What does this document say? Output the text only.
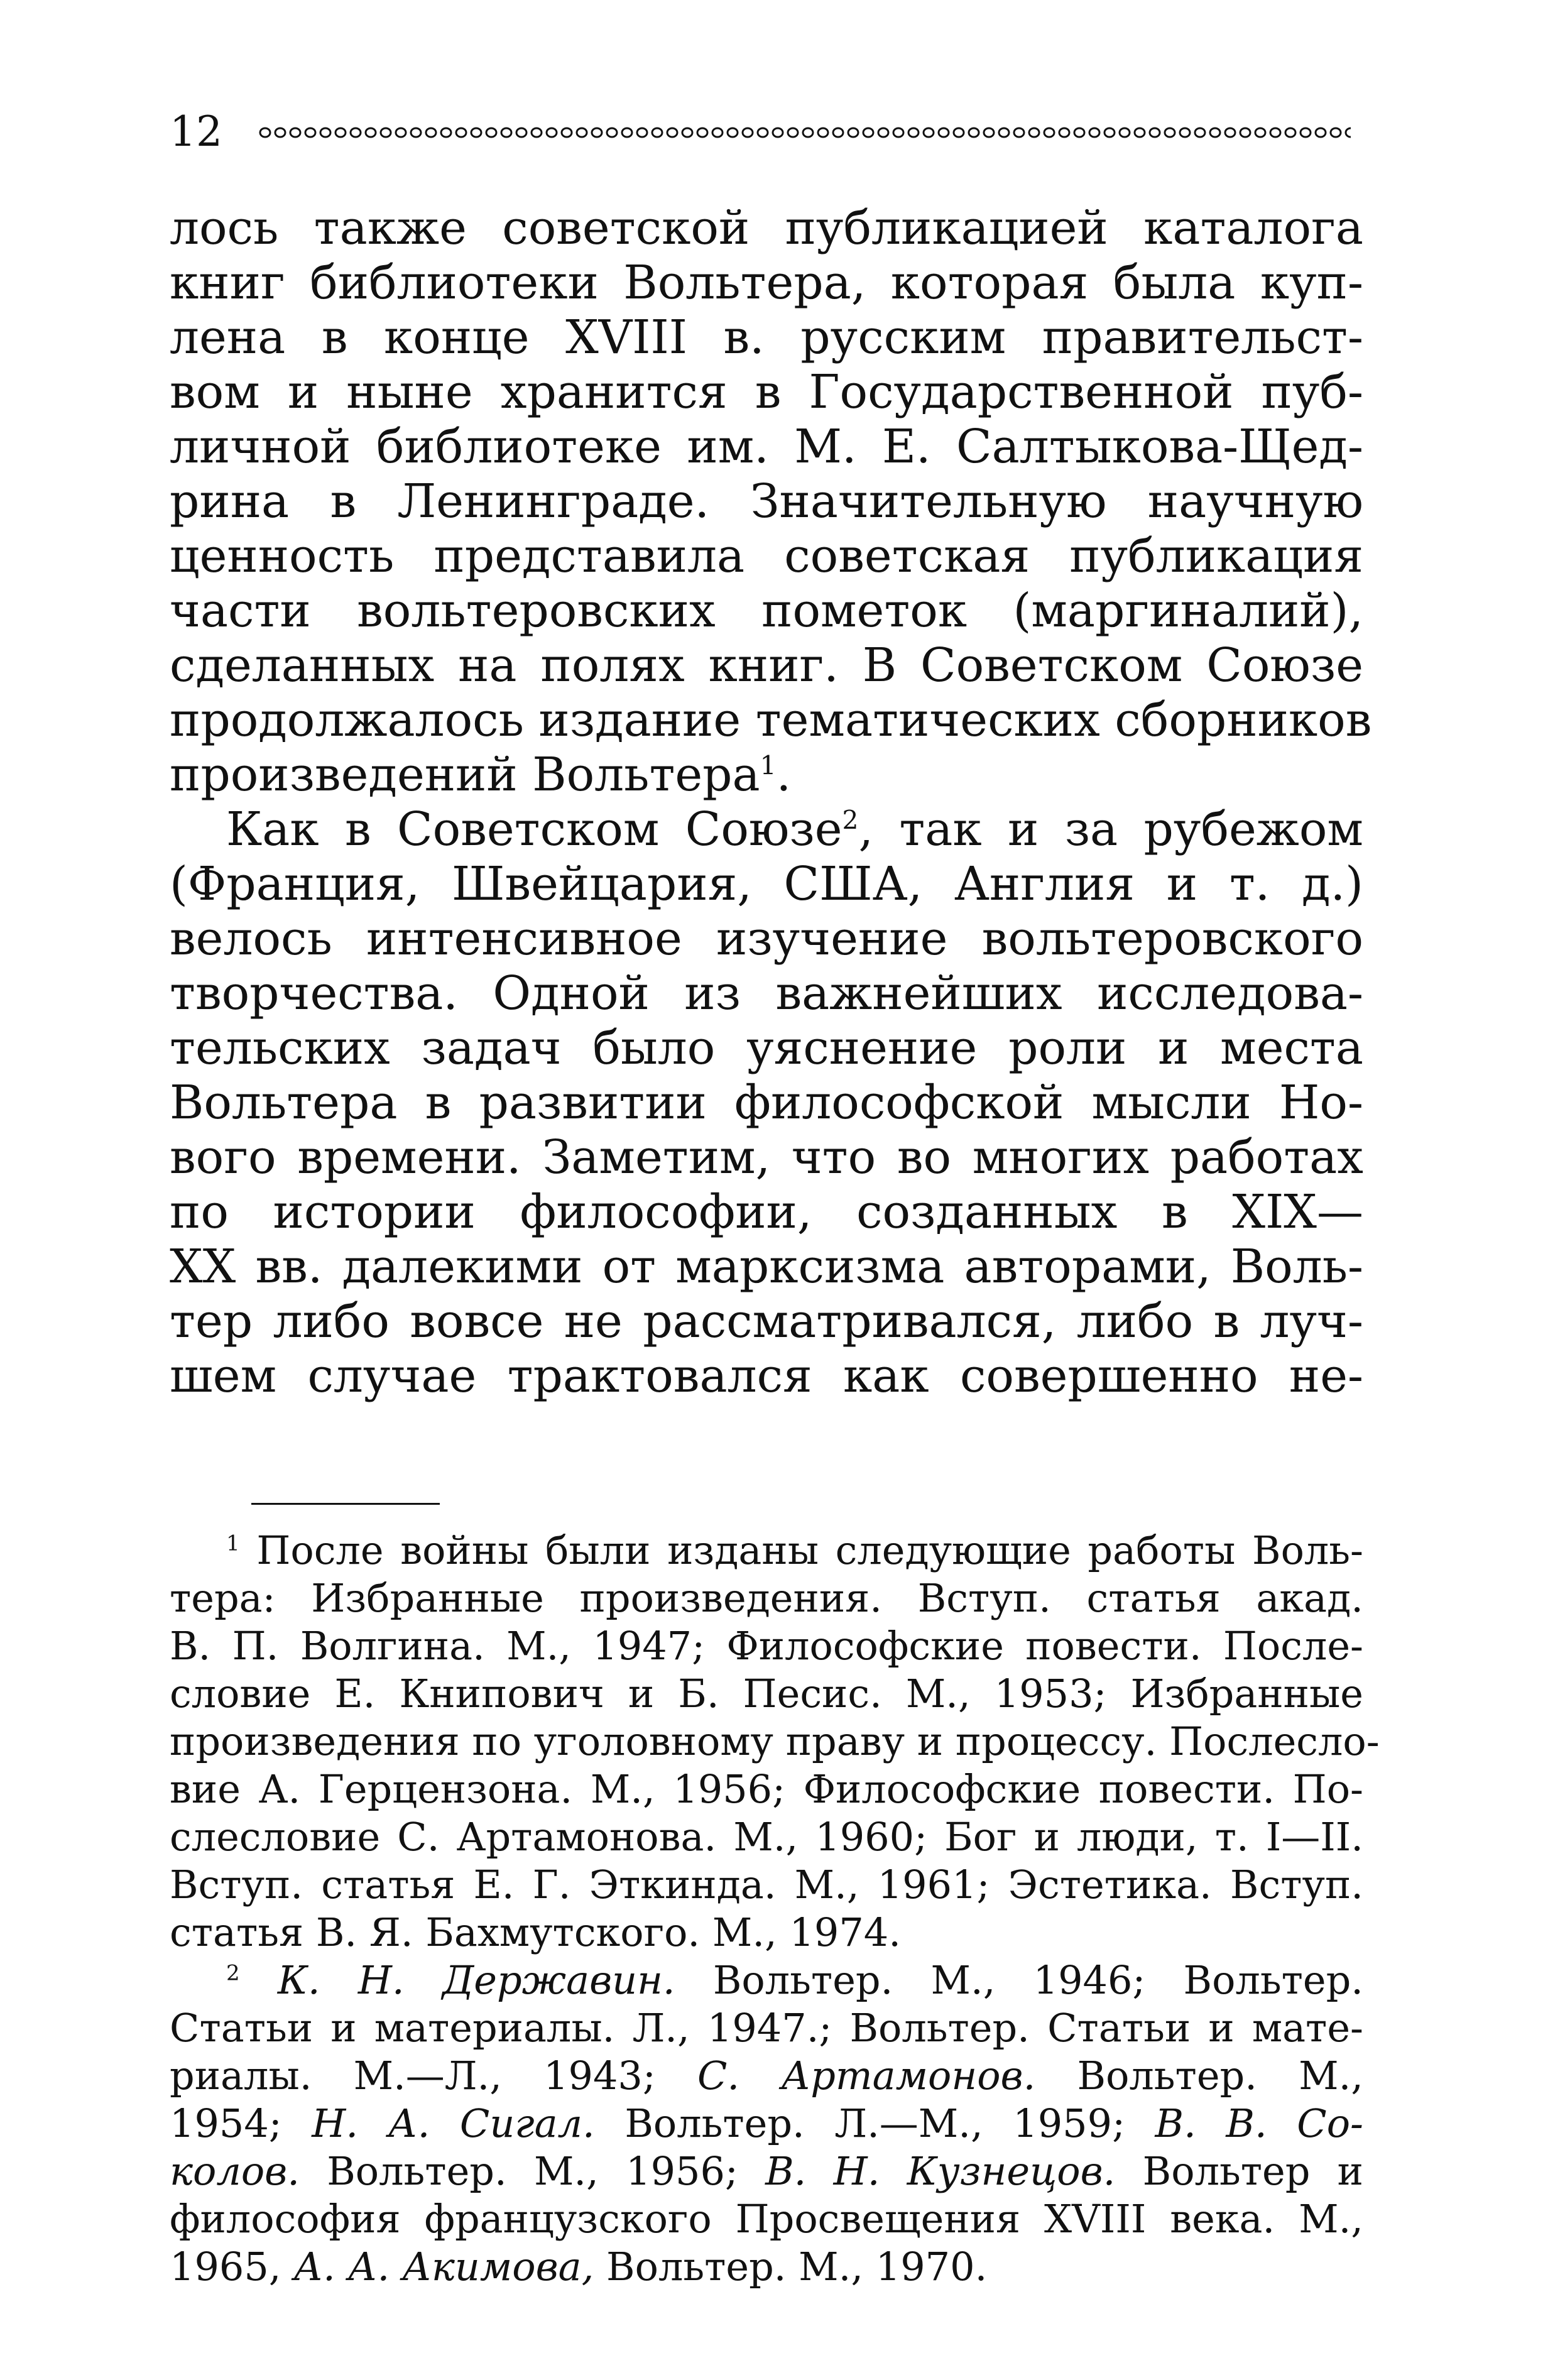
12
лось также советской публикацией каталога
книг библиотеки Вольтера, которая была куп-
лена в конце XVIII в. русским правительст-
вом и ныне хранится в Государственной пуб-
личной библиотеке им. М. Е. Салтыкова-Щед-
рина в Ленинграде. Значительную научную
ценность представила советская публикация
части вольтеровских пометок (маргиналий),
сделанных на полях книг. В Советском Союзе
продолжалось издание тематических сборников
произведений Вольтера$^1$.
Как в Советском Союзе$^2$, так и за рубежом
(Франция, Швейцария, США, Англия и т. д.)
велось интенсивное изучение вольтеровского
творчества. Одной из важнейших исследова-
тельских задач было уяснение роли и места
Вольтера в развитии философской мысли Но-
вого времени. Заметим, что во многих работах
по истории философии, созданных в XIX—
XX вв. далекими от марксизма авторами, Воль-
тер либо вовсе не рассматривался, либо в луч-
шем случае трактовался как совершенно не-
$^1$ После войны были изданы следующие работы Воль-
тера: Избранные произведения. Вступ. статья акад.
В. П. Волгина. М., 1947; Философские повести. После-
словие Е. Книпович и Б. Песис. М., 1953; Избранные
произведения по уголовному праву и процессу. Послесло-
вие А. Герцензона. М., 1956; Философские повести. По-
слесловие С. Артамонова. М., 1960; Бог и люди, т. I—II.
Вступ. статья Е. Г. Эткинда. М., 1961; Эстетика. Вступ.
статья В. Я. Бахмутского. М., 1974.
$^2$ К. Н. Державин. Вольтер. М., 1946; Вольтер.
Статьи и материалы. Л., 1947.; Вольтер. Статьи и мате-
риалы. М.—Л., 1943; С. Артамонов. Вольтер. М.,
1954; Н. А. Сигал. Вольтер. Л.—М., 1959; В. В. Со-
колов. Вольтер. М., 1956; В. Н. Кузнецов. Вольтер и
философия французского Просвещения XVIII века. М.,
1965, А. А. Акимова, Вольтер. М., 1970.
